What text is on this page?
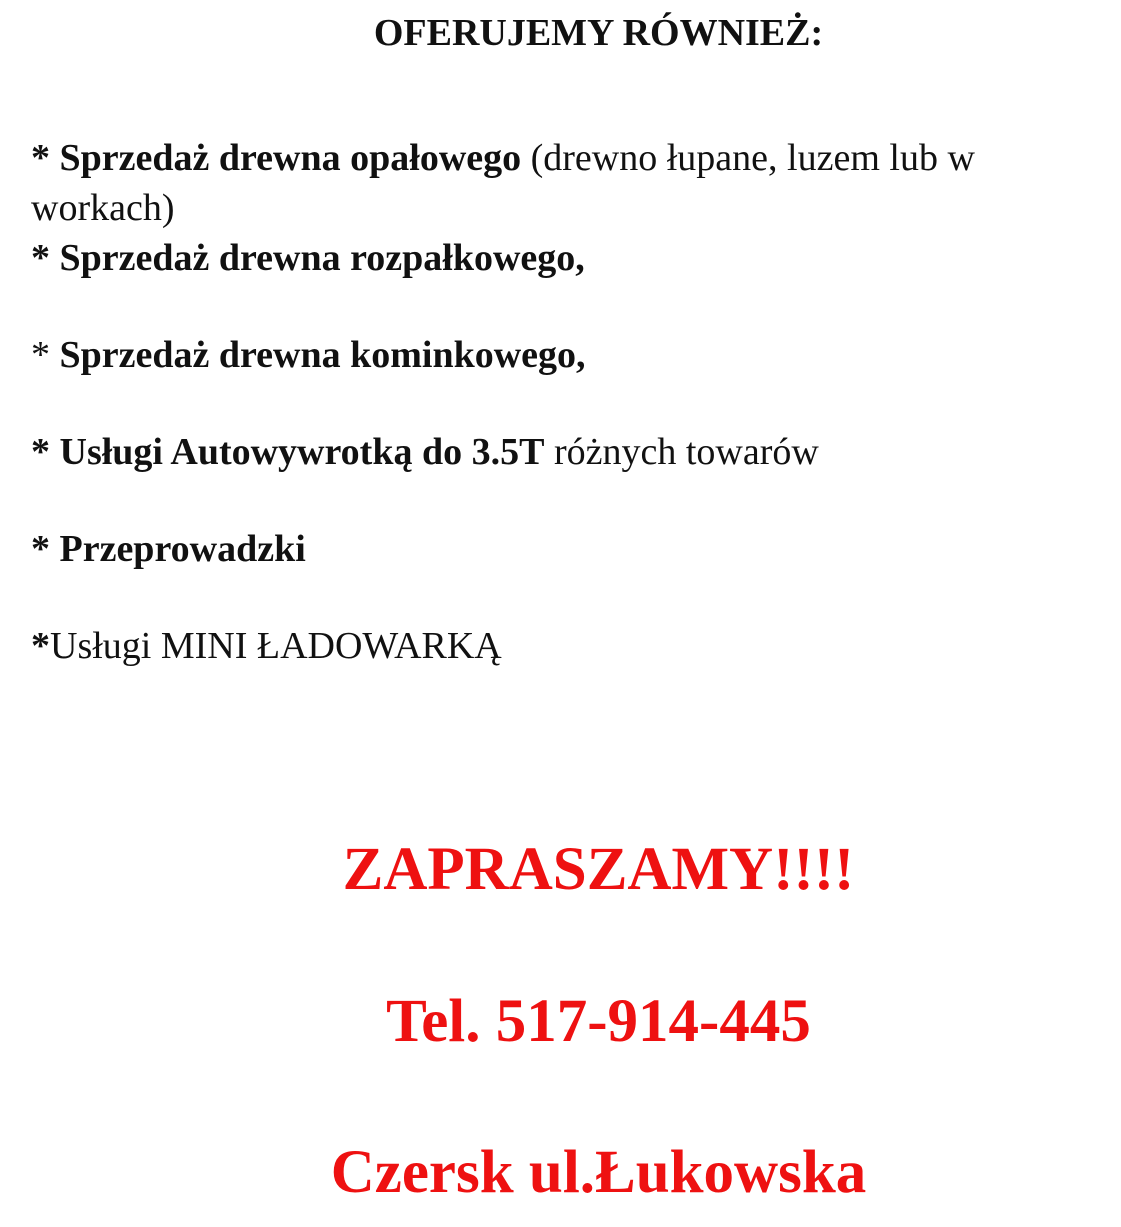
OFERUJEMY RÓWNIEŻ:

* Sprzedaż drewna opałowego (drewno łupane, luzem lub w workach)

* Sprzedaż drewna rozpałkowego,

* Sprzedaż drewna kominkowego,

* Usługi Autowywrotką do 3.5T różnych towarów

* Przeprowadzki

*Usługi MINI ŁADOWARKĄ

ZAPRASZAMY!!!!

Tel. 517-914-445

Czersk ul.Łukowska
